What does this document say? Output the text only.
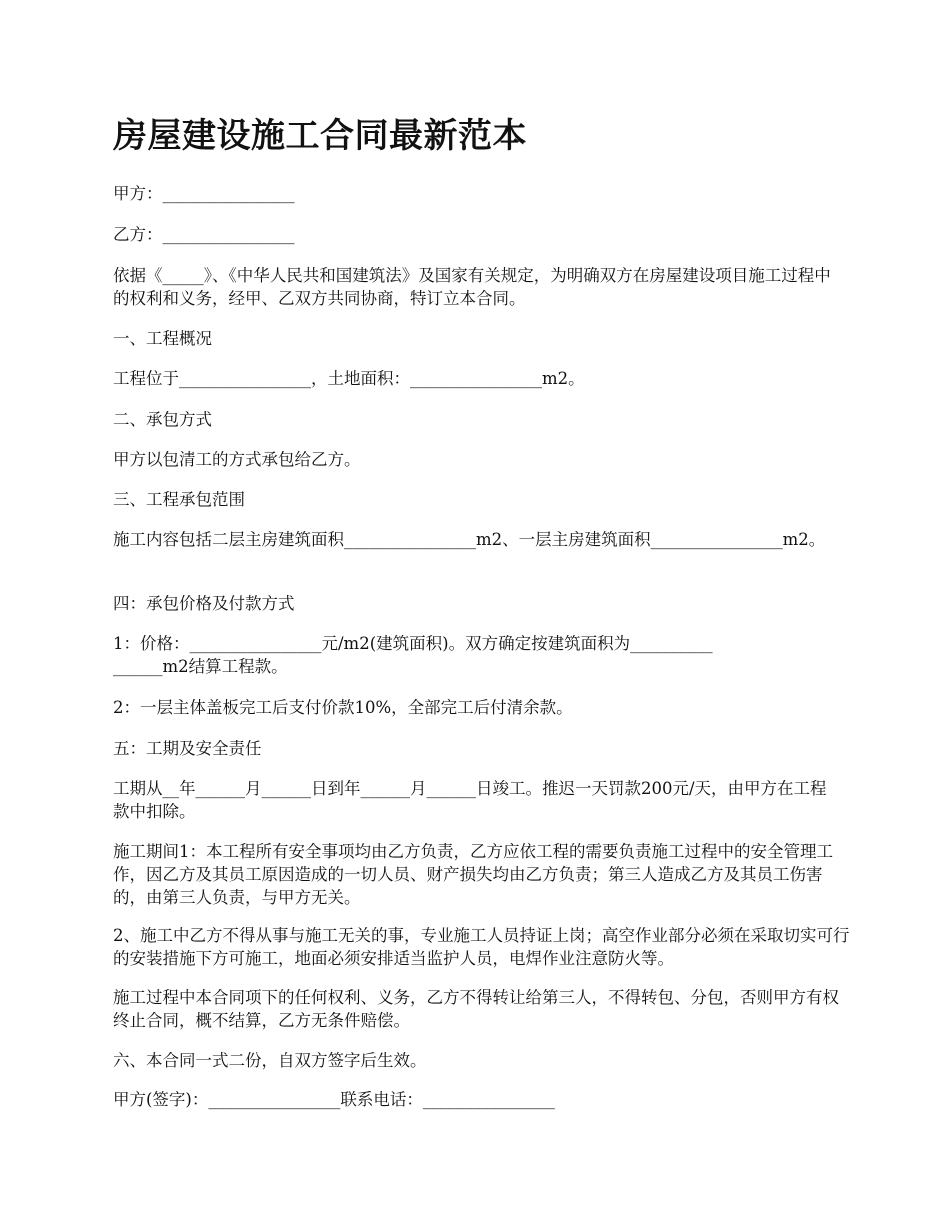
房屋建设施工合同最新范本

甲方：________________

乙方：________________

依据《_____》、《中华人民共和国建筑法》及国家有关规定，为明确双方在房屋建设项目施工过程中的权利和义务，经甲、乙双方共同协商，特订立本合同。

一、工程概况

工程位于________________，土地面积：________________m2。

二、承包方式

甲方以包清工的方式承包给乙方。

三、工程承包范围

施工内容包括二层主房建筑面积________________m2、一层主房建筑面积________________m2。

四：承包价格及付款方式

1：价格：________________元/m2(建筑面积)。双方确定按建筑面积为________________m2结算工程款。

2：一层主体盖板完工后支付价款10%，全部完工后付清余款。

五：工期及安全责任

工期从__年______月______日到年______月______日竣工。推迟一天罚款200元/天，由甲方在工程款中扣除。

施工期间1：本工程所有安全事项均由乙方负责，乙方应依工程的需要负责施工过程中的安全管理工作，因乙方及其员工原因造成的一切人员、财产损失均由乙方负责；第三人造成乙方及其员工伤害的，由第三人负责，与甲方无关。

2、施工中乙方不得从事与施工无关的事，专业施工人员持证上岗；高空作业部分必须在采取切实可行的安装措施下方可施工，地面必须安排适当监护人员，电焊作业注意防火等。

施工过程中本合同项下的任何权利、义务，乙方不得转让给第三人，不得转包、分包，否则甲方有权终止合同，概不结算，乙方无条件赔偿。

六、本合同一式二份，自双方签字后生效。

甲方(签字)：________________联系电话：________________
